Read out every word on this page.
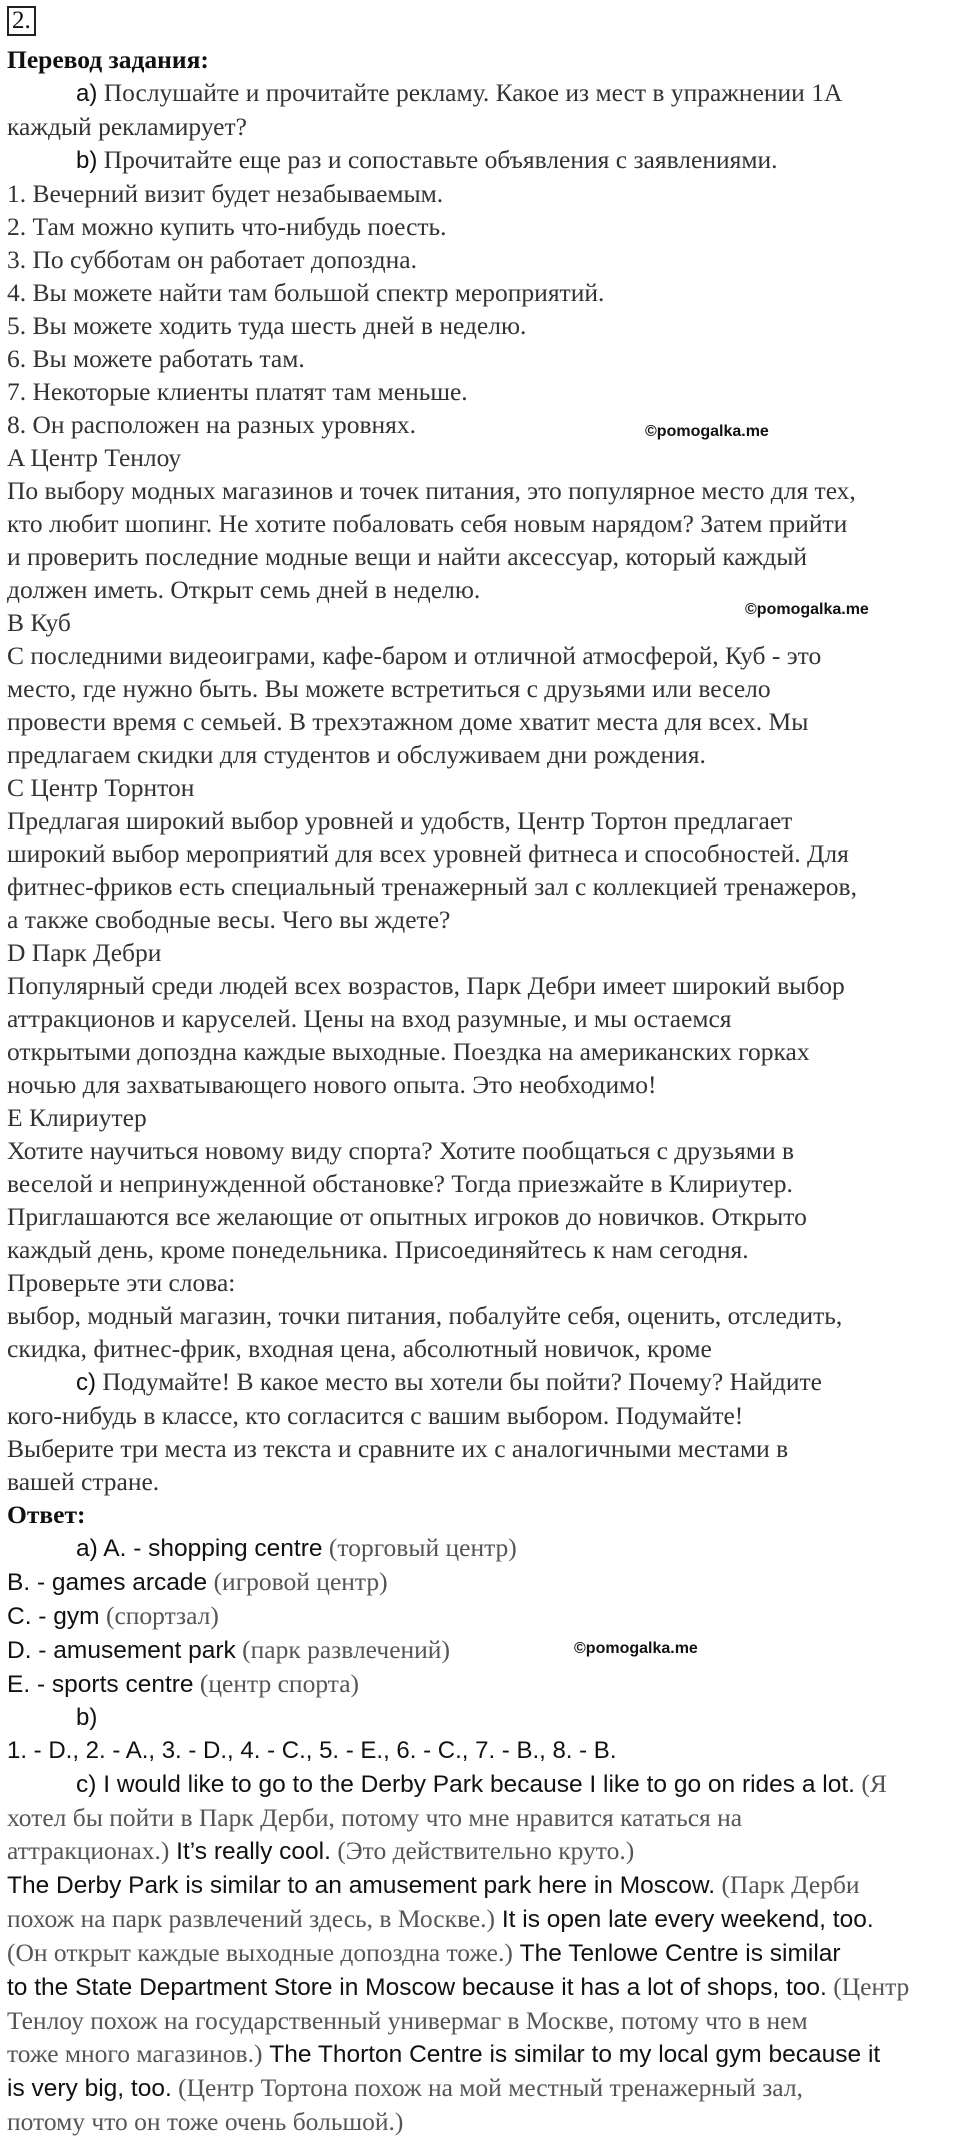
2.

Перевод задания:

а) Послушайте и прочитайте рекламу. Какое из мест в упражнении 1А

каждый рекламирует?

b) Прочитайте еще раз и сопоставьте объявления с заявлениями.

1. Вечерний визит будет незабываемым.

2. Там можно купить что-нибудь поесть.

3. По субботам он работает допоздна.

4. Вы можете найти там большой спектр мероприятий.

5. Вы можете ходить туда шесть дней в неделю.

6. Вы можете работать там.

7. Некоторые клиенты платят там меньше.

8. Он расположен на разных уровнях.

A Центр Тенлоу

По выбору модных магазинов и точек питания, это популярное место для тех,

кто любит шопинг. Не хотите побаловать себя новым нарядом? Затем прийти

и проверить последние модные вещи и найти аксессуар, который каждый

должен иметь. Открыт семь дней в неделю.

B Куб

С последними видеоиграми, кафе-баром и отличной атмосферой, Куб - это

место, где нужно быть. Вы можете встретиться с друзьями или весело

провести время с семьей. В трехэтажном доме хватит места для всех. Мы

предлагаем скидки для студентов и обслуживаем дни рождения.

C Центр Торнтон

Предлагая широкий выбор уровней и удобств, Центр Тортон предлагает

широкий выбор мероприятий для всех уровней фитнеса и способностей. Для

фитнес-фриков есть специальный тренажерный зал с коллекцией тренажеров,

а также свободные весы. Чего вы ждете?

D Парк Дебри

Популярный среди людей всех возрастов, Парк Дебри имеет широкий выбор

аттракционов и каруселей. Цены на вход разумные, и мы остаемся

открытыми допоздна каждые выходные. Поездка на американских горках

ночью для захватывающего нового опыта. Это необходимо!

E Клириутер

Хотите научиться новому виду спорта? Хотите пообщаться с друзьями в

веселой и непринужденной обстановке? Тогда приезжайте в Клириутер.

Приглашаются все желающие от опытных игроков до новичков. Открыто

каждый день, кроме понедельника. Присоединяйтесь к нам сегодня.

Проверьте эти слова:

выбор, модный магазин, точки питания, побалуйте себя, оценить, отследить,

скидка, фитнес-фрик, входная цена, абсолютный новичок, кроме

c) Подумайте! В какое место вы хотели бы пойти? Почему? Найдите

кого-нибудь в классе, кто согласится с вашим выбором. Подумайте!

Выберите три места из текста и сравните их с аналогичными местами в

вашей стране.

Ответ:

a) A. - shopping centre (торговый центр)

B. - games arcade (игровой центр)

C. - gym (спортзал)

D. - amusement park (парк развлечений)

E. - sports centre (центр спорта)

b)

1. - D., 2. - A., 3. - D., 4. - C., 5. - E., 6. - C., 7. - B., 8. - B.

c) I would like to go to the Derby Park because I like to go on rides a lot. (Я

хотел бы пойти в Парк Дерби, потому что мне нравится кататься на

аттракционах.) It’s really cool. (Это действительно круто.)

The Derby Park is similar to an amusement park here in Moscow. (Парк Дерби

похож на парк развлечений здесь, в Москве.) It is open late every weekend, too.

(Он открыт каждые выходные допоздна тоже.) The Tenlowe Centre is similar

to the State Department Store in Moscow because it has a lot of shops, too. (Центр

Тенлоу похож на государственный универмаг в Москве, потому что в нем

тоже много магазинов.) The Thorton Centre is similar to my local gym because it

is very big, too. (Центр Тортона похож на мой местный тренажерный зал,

потому что он тоже очень большой.)

©pomogalka.me
©pomogalka.me
©pomogalka.me
